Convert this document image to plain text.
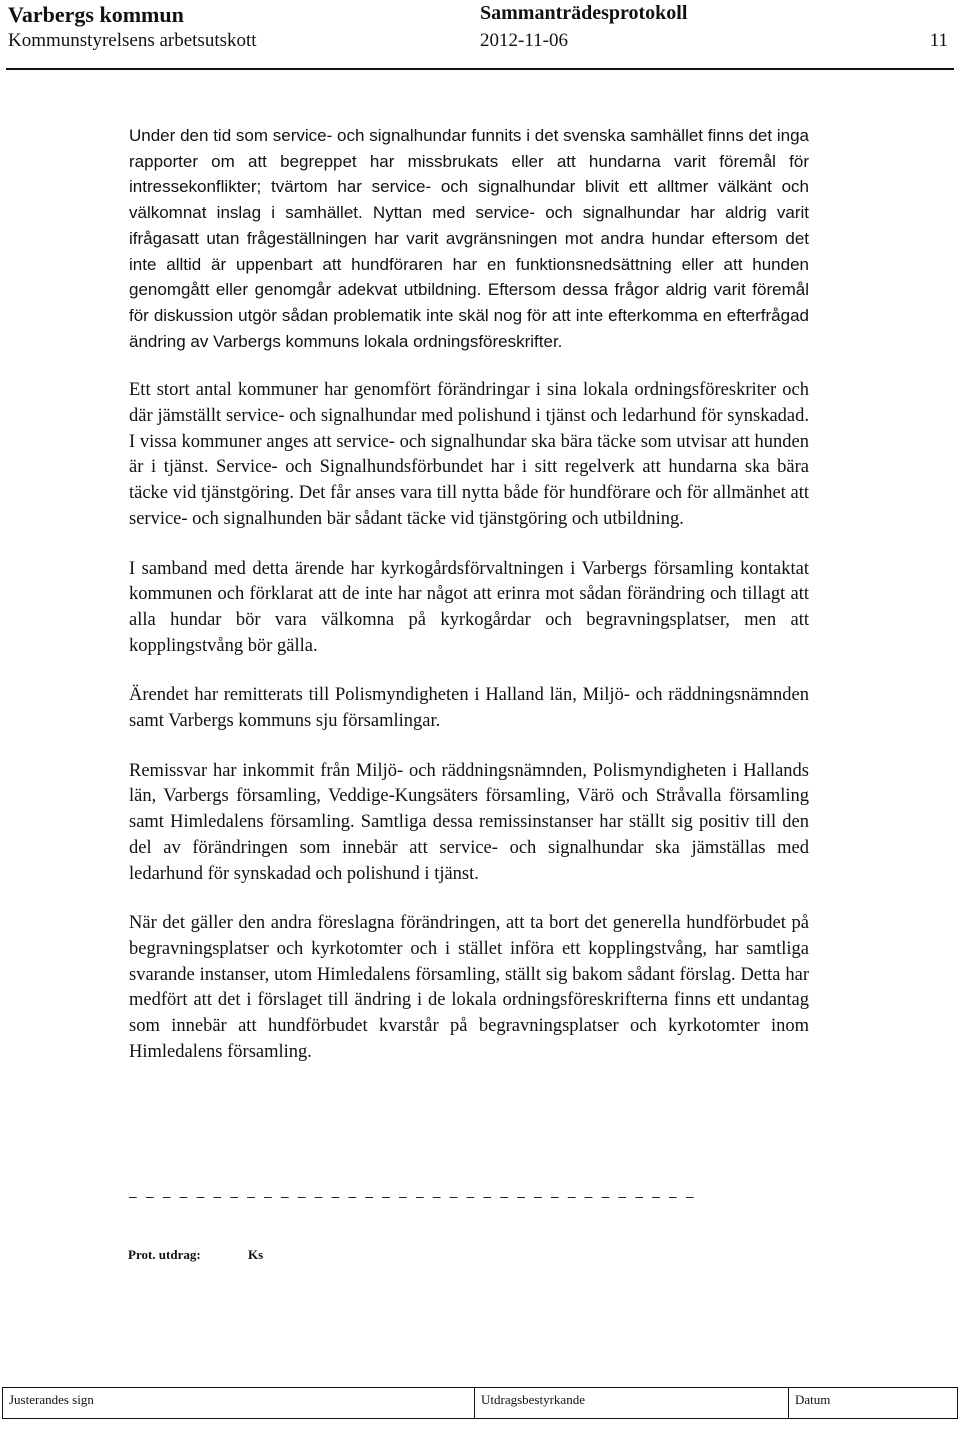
Varbergs kommun	Sammanträdesprotokoll
Kommunstyrelsens arbetsutskott	2012-11-06	11

Under den tid som service- och signalhundar funnits i det svenska samhället finns det inga rapporter om att begreppet har missbrukats eller att hundarna varit föremål för intressekonflikter; tvärtom har service- och signalhundar blivit ett alltmer välkänt och välkomnat inslag i samhället. Nyttan med service- och signalhundar har aldrig varit ifrågasatt utan frågeställningen har varit avgränsningen mot andra hundar eftersom det inte alltid är uppenbart att hundföraren har en funktionsnedsättning eller att hunden genomgått eller genomgår adekvat utbildning. Eftersom dessa frågor aldrig varit föremål för diskussion utgör sådan problematik inte skäl nog för att inte efterkomma en efterfrågad ändring av Varbergs kommuns lokala ordningsföreskrifter.

Ett stort antal kommuner har genomfört förändringar i sina lokala ordningsföreskriter och där jämställt service- och signalhundar med polishund i tjänst och ledarhund för synskadad. I vissa kommuner anges att service- och signalhundar ska bära täcke som utvisar att hunden är i tjänst. Service- och Signalhundsförbundet har i sitt regelverk att hundarna ska bära täcke vid tjänstgöring. Det får anses vara till nytta både för hundförare och för allmänhet att service- och signalhunden bär sådant täcke vid tjänstgöring och utbildning.

I samband med detta ärende har kyrkogårdsförvaltningen i Varbergs församling kontaktat kommunen och förklarat att de inte har något att erinra mot sådan förändring och tillagt att alla hundar bör vara välkomna på kyrkogårdar och begravningsplatser, men att kopplingstvång bör gälla.

Ärendet har remitterats till Polismyndigheten i Halland län, Miljö- och räddningsnämnden samt Varbergs kommuns sju församlingar.

Remissvar har inkommit från Miljö- och räddningsnämnden, Polismyndigheten i Hallands län, Varbergs församling, Veddige-Kungsäters församling, Värö och Stråvalla församling samt Himledalens församling. Samtliga dessa remissinstanser har ställt sig positiv till den del av förändringen som innebär att service- och signalhundar ska jämställas med ledarhund för synskadad och polishund i tjänst.

När det gäller den andra föreslagna förändringen, att ta bort det generella hundförbudet på begravningsplatser och kyrkotomter och i stället införa ett kopplingstvång, har samtliga svarande instanser, utom Himledalens församling, ställt sig bakom sådant förslag. Detta har medfört att det i förslaget till ändring i de lokala ordningsföreskrifterna finns ett undantag som innebär att hundförbudet kvarstår på begravningsplatser och kyrkotomter inom Himledalens församling.

– – – – – – – – – – – – – – – – – – – – – – – – – – – – – – – – – –
Prot. utdrag:	Ks
Justerandes sign	Utdragsbestyrkande	Datum
